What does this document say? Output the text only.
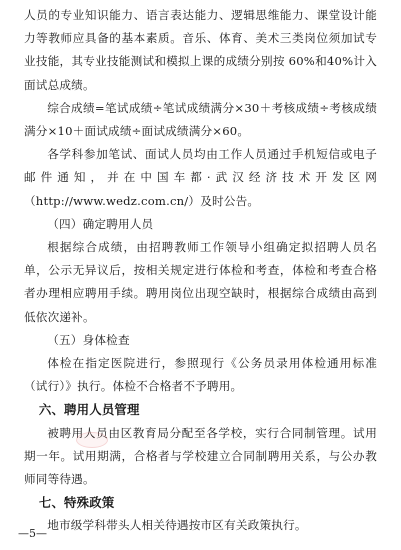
人员的专业知识能力、语言表达能力、逻辑思维能力、课堂设计能力等教师应具备的基本素质。音乐、体育、美术三类岗位须加试专业技能，其专业技能测试和模拟上课的成绩分别按 60%和40%计入面试总成绩。

综合成绩=笔试成绩÷笔试成绩满分×30＋考核成绩÷考核成绩满分×10＋面试成绩÷面试成绩满分×60。

各学科参加笔试、面试人员均由工作人员通过手机短信或电子邮件通知，并在中国车都·武汉经济技术开发区网（http://www.wedz.com.cn/）及时公告。

（四）确定聘用人员

根据综合成绩，由招聘教师工作领导小组确定拟招聘人员名单，公示无异议后，按相关规定进行体检和考查，体检和考查合格者办理相应聘用手续。聘用岗位出现空缺时，根据综合成绩由高到低依次递补。

（五）身体检查

体检在指定医院进行，参照现行《公务员录用体检通用标准（试行）》执行。体检不合格者不予聘用。

六、聘用人员管理

被聘用人员由区教育局分配至各学校，实行合同制管理。试用期一年。试用期满，合格者与学校建立合同制聘用关系，与公办教师同等待遇。

七、特殊政策

地市级学科带头人相关待遇按市区有关政策执行。

—5—
